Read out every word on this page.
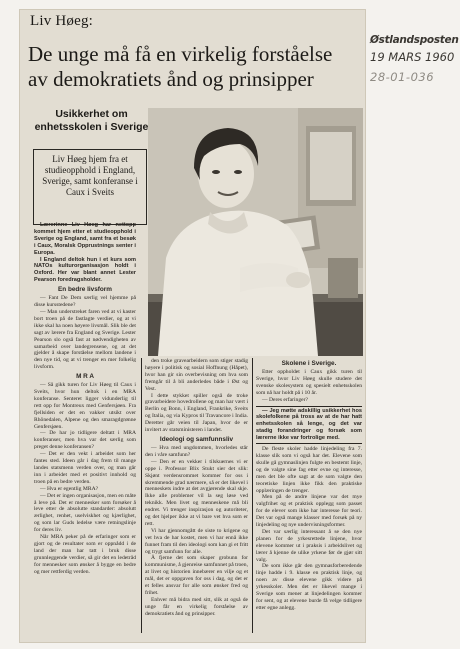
Liv Høeg:
De unge må få en virkelig forståelse
av demokratiets ånd og prinsipper
Østlandsposten
19 MARS 1960
28-01-036
Usikkerhet om enhetsskolen i Sverige
Liv Høeg hjem fra et studieopphold i England, Sverige, samt konferanse i Caux i Sveits

Lærerinne Liv Høeg har nettopp kommet hjem etter et studieopphold i Sverige og England, samt fra et besøk i Caux, Moralsk Opprustnings senter i Europa.

I England deltok hun i et kurs som NATOs kulturorganisasjon holdt i Oxford. Her var blant annet Lester Pearson foredragsholder.

En bedre livsform

— Fant De Dem særlig vel hjemme på disse kursstedene?

— Man understreket faren ved at vi kaster bort troen på de fastlagte verdier, og at vi ikke skal ha noen høyere livsmål. Slik ble det sagt av lærere fra England og Sverige. Lester Pearson slo også fast at nødvendigheten av samarbeid over landegrensene, og at det gjelder å skape forståelse mellom landene i den nye tid, og at vi trenger en mer folkelig livsform.

M R A

— Så gikk turen for Liv Høeg til Caux i Sveits, hvor hun deltok i en MRA konferanse. Senteret ligger vidunderlig til rett opp for Montreux med Genfersjøen. Fra fjellsiden er det en vakker utsikt over Rhônedalen, Alpene og den smaragdgrønne Genfersjøen.

— De har jo tidligere deltatt i MRA konferanser, men hva var det særlig som preget denne konferansen?

— Det er den vekt i arbeidet som her fantes sted. Ideen går i dag frem til mange landes statsmenn verden over, og man går inn i arbeidet med et positivt innhold og troen på en bedre verden.

— Hva er egentlig MRA?

— Det er ingen organisasjon, men en måte å leve på. Det er mennesker som forsøker å leve etter de absolutte standarder: absolutt ærlighet, renhet, uselviskhet og kjærlighet, og som lar Guds ledelse være retningslinje for deres liv.

Når MRA peker på de erfaringer som er gjort og de resultater som er oppnådd i de land der man har tatt i bruk disse grunnleggende verdier, så gir det en ledetråd for mennesker som ønsker å bygge en bedre og mer rettferdig verden.

den troke gravearbeidern som stiger stadig høyere i politisk og sosial Hoffnung (Håpet), hvor han gir sin overbevisning om hva som fremgår til å bli anderledes både i Øst og Vest.

I dette stykket spiller også de troke gravarbeidere hovedrollene og man har vært i Berlin og Bonn, i England, Frankrike, Sveits og Italia, og via Kypros til Travancore i India. Deretter går veien til Japan, hvor de er invitert av statsministeren i landet.

Ideologi og samfunnsliv

— Hva med ungdommen, hvorledes står den i våre samfunn?

— Den er en vekker i tilskuernes vi er oppe i. Professor Blix Stukt sier det slik: Skjønt verdensrommet kommer for oss i skremmende grad nærmere, så er det likevel i menneskets indre at det avgjørende skal skje. Ikke alle problemer vil la seg løse ved teknikk. Men livet og menneskene må bli endret. Vi trenger inspirasjon og autoriteter, og det hjelper ikke at vi bare vet hva som er rett.

Vi har gjennomgått de siste to krigene og vet hva de har kostet, men vi har ennå ikke funnet fram til den ideologi som kan gi et fritt og trygt samfunn for alle.

Å fjerne det som skaper grobunn for kommunisme, å gjenreise samfunnet på troen, at livet og historien innebærer en vilje og et mål, det er oppgaven for oss i dag, og det er et felles ansvar for alle som ønsker fred og frihet.

Enhver må bidra med sitt, slik at også de unge får en virkelig forståelse av demokratiets ånd og prinsipper.

Skolene i Sverige.

Etter oppholdet i Caux gikk turen til Sverige, hvor Liv Høeg skulle studere det svenske skolesystem og spesielt enhetsskolen som nå har holdt på i 10 år.

— Deres erfaringer?

— Jeg møtte adskillig usikkerhet hos skolefolkene på tross av at de har hatt enhetsskolen så lenge, og det var stadig forandringer og forsøk som lærerne ikke var fortrolige med.

De fleste skoler hadde linjedeling fra 7. klasse slik som vi også har det. Elevene som skulle gå gymnaslinjen fulgte en bestemt linje, og de valgte sine fag etter evne og interesse, men det ble ofte sagt at de som valgte den teoretiske linjen ikke fikk den praktiske opplæringen de trenger.

Men på de andre linjene var det mye valgfrihet og et praktisk opplegg som passet for de elever som ikke har interesse for teori. Det var også mange klasser med forsøk på ny linjedeling og nye undervisningsformer.

Det var særlig interessant å se den nye planen for de yrkesrettede linjene, hvor elevene kommer ut i praksis i arbeidslivet og lærer å kjenne de ulike yrkene før de gjør sitt valg.

De som ikke går den gymnasforberedende linje hadde i 9. klasse en praktisk linje, og noen av disse elevene gikk videre på yrkesskoler. Men det er likevel mange i Sverige som mener at linjedelingen kommer for sent, og at elevene burde få velge tidligere etter egne anlegg.
